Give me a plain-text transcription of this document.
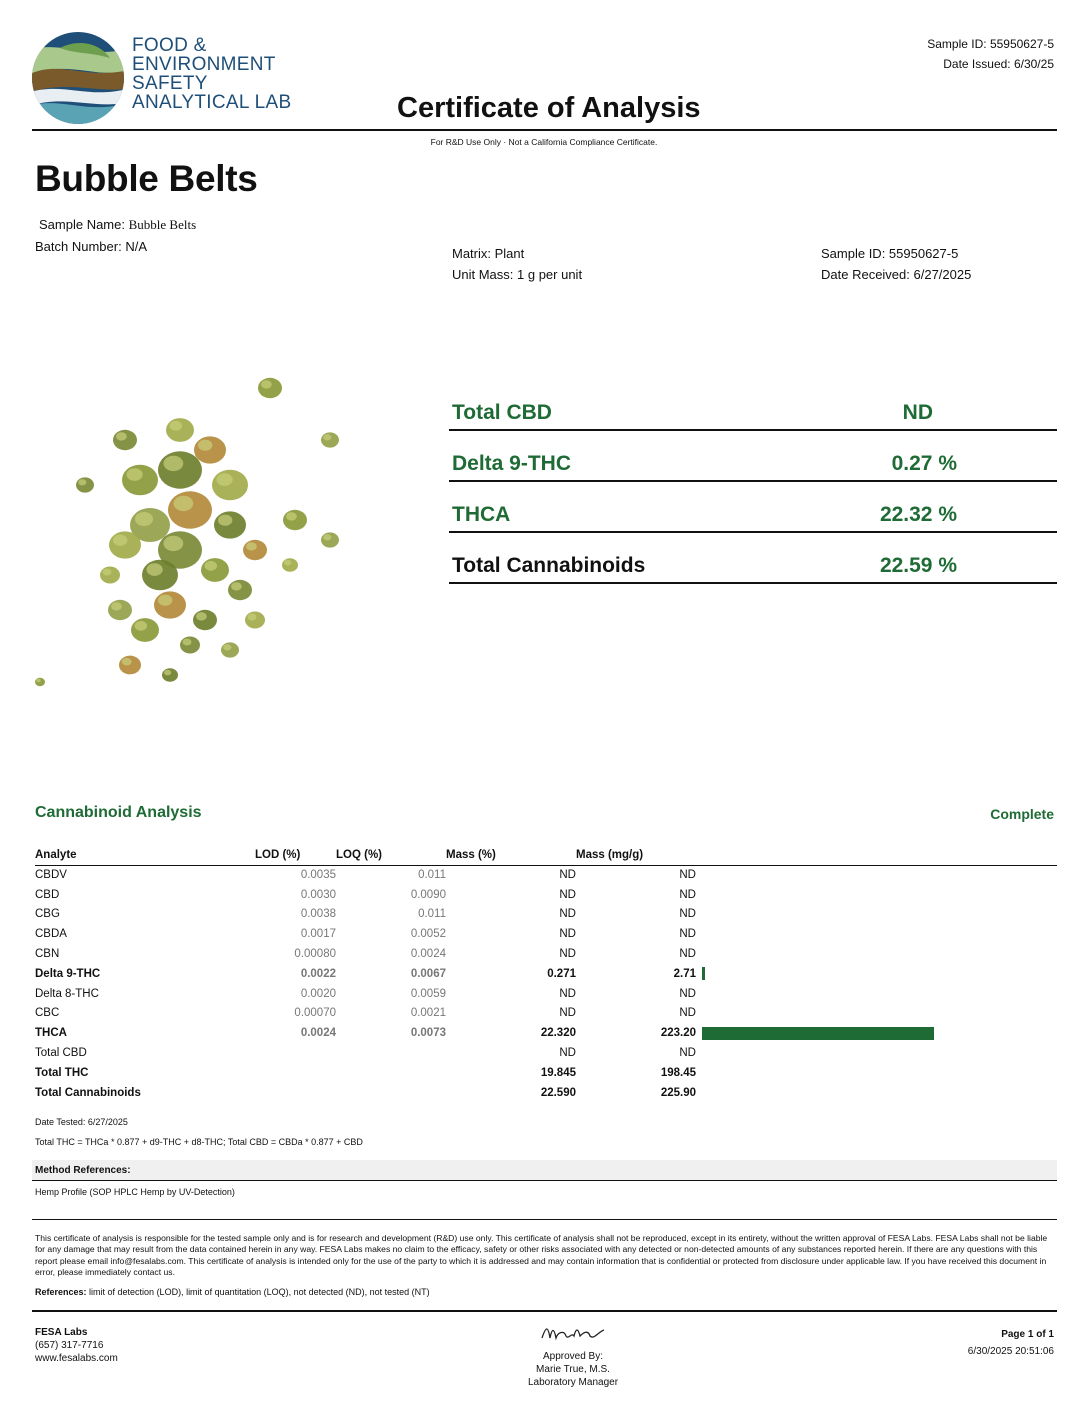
FOOD &
ENVIRONMENT
SAFETY
ANALYTICAL LAB
Sample ID: 55950627-5
Date Issued: 6/30/25
Certificate of Analysis
For R&D Use Only · Not a California Compliance Certificate.
Bubble Belts
Sample Name: Bubble Belts
Batch Number: N/A	Matrix: Plant
Unit Mass: 1 g per unit
Sample ID: 55950627-5
Date Received: 6/27/2025
Total CBD	ND
Delta 9-THC	0.27 %
THCA	22.32 %
Total Cannabinoids	22.59 %
Cannabinoid Analysis	Complete
Analyte	LOD (%)	LOQ (%)	Mass (%)	Mass (mg/g)	
CBDV	0.0035	0.011	ND	ND	
CBD	0.0030	0.0090	ND	ND	
CBG	0.0038	0.011	ND	ND	
CBDA	0.0017	0.0052	ND	ND	
CBN	0.00080	0.0024	ND	ND	
Delta 9-THC	0.0022	0.0067	0.271	2.71	

Delta 8-THC	0.0020	0.0059	ND	ND	
CBC	0.00070	0.0021	ND	ND	
THCA	0.0024	0.0073	22.320	223.20	

Total CBD			ND	ND	
Total THC			19.845	198.45	
Total Cannabinoids			22.590	225.90	
Date Tested: 6/27/2025
Total THC = THCa * 0.877 + d9-THC + d8-THC; Total CBD = CBDa * 0.877 + CBD
Method References:
Hemp Profile (SOP HPLC Hemp by UV-Detection)
This certificate of analysis is responsible for the tested sample only and is for research and development (R&D) use only. This certificate of analysis shall not be reproduced, except in its entirety, without the written approval of FESA Labs. FESA Labs shall not be liable for any damage that may result from the data contained herein in any way. FESA Labs makes no claim to the efficacy, safety or other risks associated with any detected or non-detected amounts of any substances reported herein. If there are any questions with this report please email info@fesalabs.com. This certificate of analysis is intended only for the use of the party to which it is addressed and may contain information that is confidential or protected from disclosure under applicable law. If you have received this document in error, please immediately contact us.
References: limit of detection (LOD), limit of quantitation (LOQ), not detected (ND), not tested (NT)
FESA Labs
(657) 317-7716
www.fesalabs.com	Approved By:
Marie True, M.S.
Laboratory Manager
Page 1 of 1
6/30/2025 20:51:06
